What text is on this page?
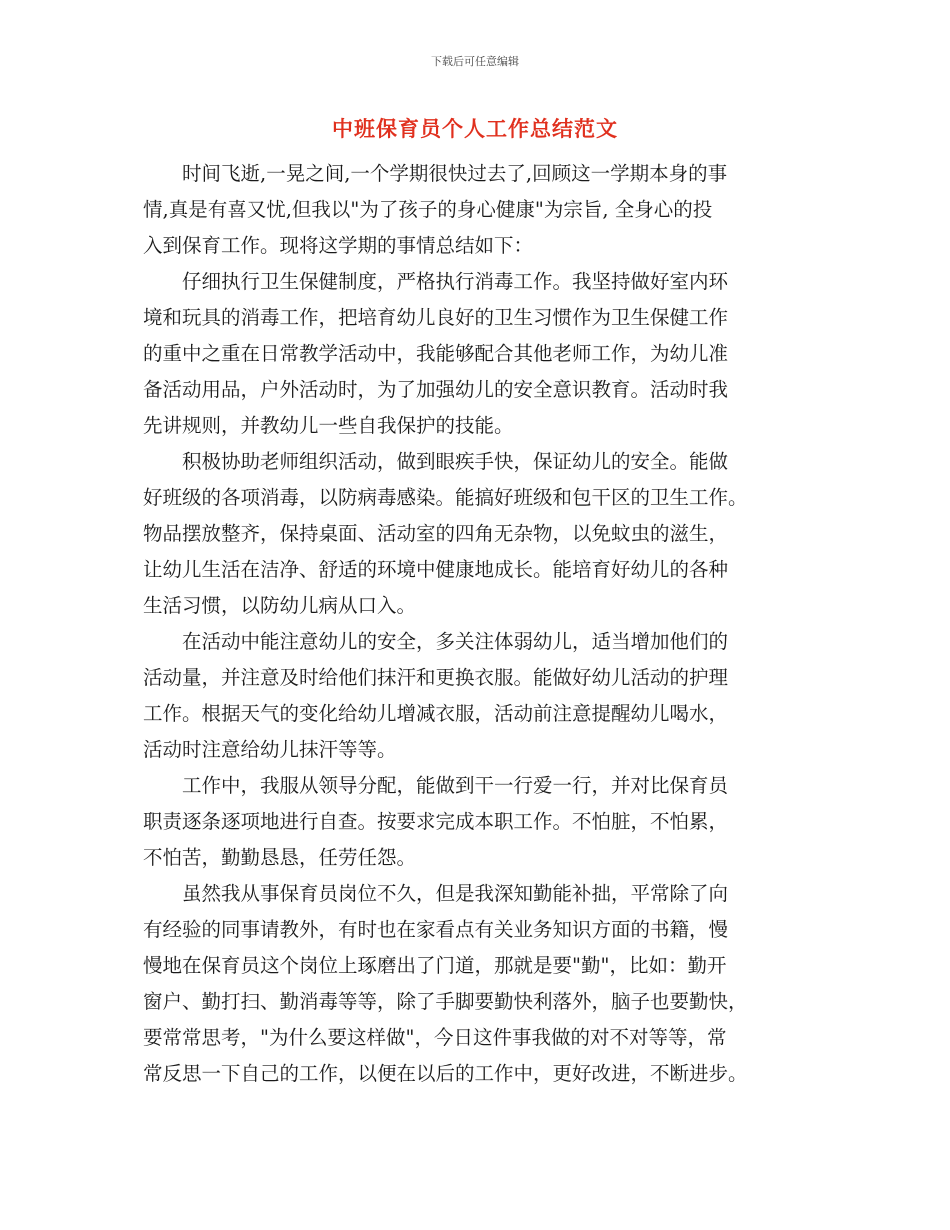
下载后可任意编辑
中班保育员个人工作总结范文

时间飞逝,一晃之间,一个学期很快过去了,回顾这一学期本身的事
情,真是有喜又忧,但我以"为了孩子的身心健康"为宗旨, 全身心的投
入到保育工作。现将这学期的事情总结如下：

仔细执行卫生保健制度，严格执行消毒工作。我坚持做好室内环
境和玩具的消毒工作，把培育幼儿良好的卫生习惯作为卫生保健工作
的重中之重在日常教学活动中，我能够配合其他老师工作，为幼儿准
备活动用品，户外活动时，为了加强幼儿的安全意识教育。活动时我
先讲规则，并教幼儿一些自我保护的技能。

积极协助老师组织活动，做到眼疾手快，保证幼儿的安全。能做
好班级的各项消毒，以防病毒感染。能搞好班级和包干区的卫生工作。
物品摆放整齐，保持桌面、活动室的四角无杂物，以免蚊虫的滋生，
让幼儿生活在洁净、舒适的环境中健康地成长。能培育好幼儿的各种
生活习惯，以防幼儿病从口入。

在活动中能注意幼儿的安全，多关注体弱幼儿，适当增加他们的
活动量，并注意及时给他们抹汗和更换衣服。能做好幼儿活动的护理
工作。根据天气的变化给幼儿增减衣服，活动前注意提醒幼儿喝水，
活动时注意给幼儿抹汗等等。

工作中，我服从领导分配，能做到干一行爱一行，并对比保育员
职责逐条逐项地进行自查。按要求完成本职工作。不怕脏，不怕累，
不怕苦，勤勤恳恳，任劳任怨。

虽然我从事保育员岗位不久，但是我深知勤能补拙，平常除了向
有经验的同事请教外，有时也在家看点有关业务知识方面的书籍，慢
慢地在保育员这个岗位上琢磨出了门道，那就是要"勤"，比如：勤开
窗户、勤打扫、勤消毒等等，除了手脚要勤快利落外，脑子也要勤快，
要常常思考，"为什么要这样做"，今日这件事我做的对不对等等，常
常反思一下自己的工作，以便在以后的工作中，更好改进，不断进步。
